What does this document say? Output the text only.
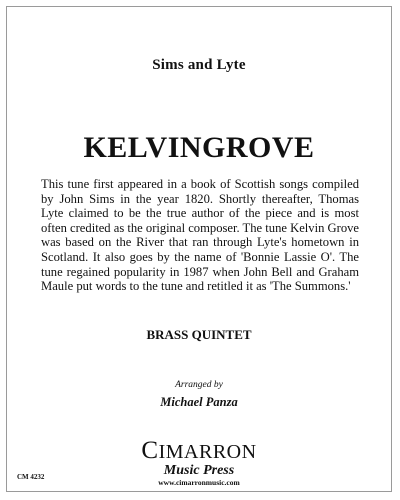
Sims and Lyte
KELVINGROVE
This tune first appeared in a book of Scottish songs compiled by John Sims in the year 1820. Shortly thereafter, Thomas Lyte claimed to be the true author of the piece and is most often credited as the original composer. The tune Kelvin Grove was based on the River that ran through Lyte's hometown in Scotland. It also goes by the name of 'Bonnie Lassie O'. The tune regained popularity in 1987 when John Bell and Graham Maule put words to the tune and retitled it as 'The Summons.'
BRASS QUINTET
Arranged by
Michael Panza
CIMARRON
Music Press
www.cimarronmusic.com
CM 4232
